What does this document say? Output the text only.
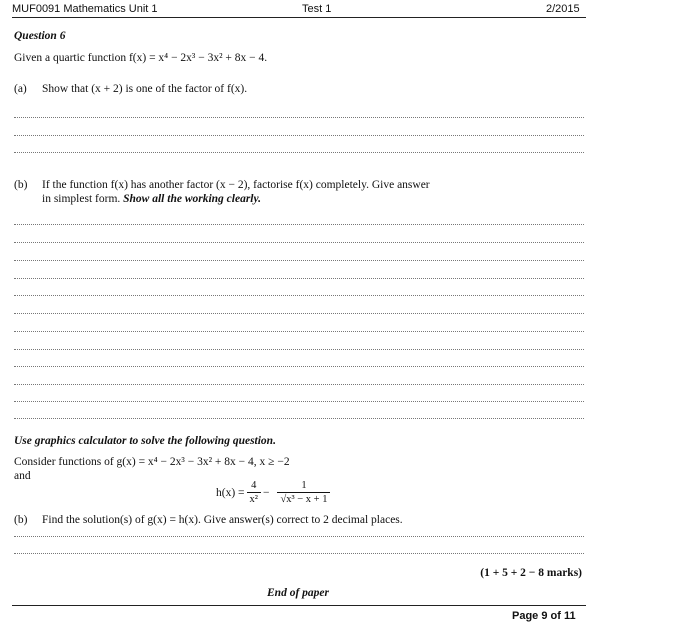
MUF0091 Mathematics Unit 1	Test 1	2/2015
Question 6
Given a quartic function f(x) = x⁴ − 2x³ − 3x² + 8x − 4.
(a) Show that (x + 2) is one of the factor of f(x).
(b) If the function f(x) has another factor (x − 2), factorise f(x) completely. Give answer
in simplest form. Show all the working clearly.
Use graphics calculator to solve the following question.
Consider functions of g(x) = x⁴ − 2x³ − 3x² + 8x − 4, x ≥ −2
and
$h(x) = \frac{4}{\text{x²}} - \frac{1}{\text{√x³ − x + 1}}$
(b) Find the solution(s) of g(x) = h(x). Give answer(s) correct to 2 decimal places.
(1 + 5 + 2 − 8 marks)
End of paper
Page 9 of 11
